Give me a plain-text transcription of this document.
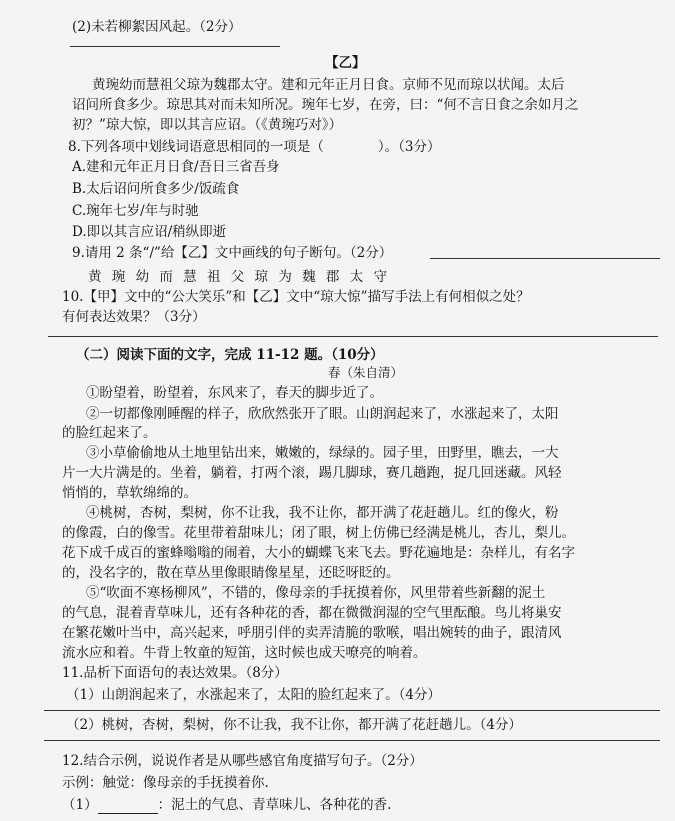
(2)未若柳絮因风起。（2分）
【乙】
黄琬幼而慧祖父琼为魏郡太守。建和元年正月日食。京师不见而琼以状闻。太后
诏问所食多少。琼思其对而未知所况。琬年七岁，在旁，曰：“何不言日食之余如月之
初？”琼大惊，即以其言应诏。（《黄琬巧对》）
8.下列各项中划线词语意思相同的一项是（　　　　）。（3分）
A.建和元年正月日食/吾日三省吾身
B.太后诏问所食多少/饭疏食
C.琬年七岁/年与时驰
D.即以其言应诏/稍纵即逝
9.请用 2 条“/”给【乙】文中画线的句子断句。（2分）
黄 琬 幼 而 慧 祖 父 琼 为 魏 郡 太 守
10.【甲】文中的“公大笑乐”和【乙】文中“琼大惊”描写手法上有何相似之处？
有何表达效果？（3分）
（二）阅读下面的文字，完成 11-12 题。（10分）
春（朱自清）
①盼望着，盼望着，东风来了，春天的脚步近了。
②一切都像刚睡醒的样子，欣欣然张开了眼。山朗润起来了，水涨起来了，太阳
的脸红起来了。
③小草偷偷地从土地里钻出来，嫩嫩的，绿绿的。园子里，田野里，瞧去，一大
片一大片满是的。坐着，躺着，打两个滚，踢几脚球，赛几趟跑，捉几回迷藏。风轻
悄悄的，草软绵绵的。
④桃树，杏树，梨树，你不让我，我不让你，都开满了花赶趟儿。红的像火，粉
的像霞，白的像雪。花里带着甜味儿；闭了眼，树上仿佛已经满是桃儿，杏儿，梨儿。
花下成千成百的蜜蜂嗡嗡的闹着，大小的蝴蝶飞来飞去。野花遍地是：杂样儿，有名字
的，没名字的，散在草丛里像眼睛像星星，还眨呀眨的。
⑤“吹面不寒杨柳风”，不错的，像母亲的手抚摸着你，风里带着些新翻的泥土
的气息，混着青草味儿，还有各种花的香，都在微微润湿的空气里酝酿。鸟儿将巢安
在繁花嫩叶当中，高兴起来，呼朋引伴的卖弄清脆的歌喉，唱出婉转的曲子，跟清风
流水应和着。牛背上牧童的短笛，这时候也成天嘹亮的响着。
11.品析下面语句的表达效果。（8分）
（1）山朗润起来了，水涨起来了，太阳的脸红起来了。（4分）
（2）桃树，杏树，梨树，你不让我，我不让你，都开满了花赶趟儿。（4分）
12.结合示例，说说作者是从哪些感官角度描写句子。（2分）
示例：触觉：像母亲的手抚摸着你.
（1）	：泥土的气息、青草味儿、各种花的香.
